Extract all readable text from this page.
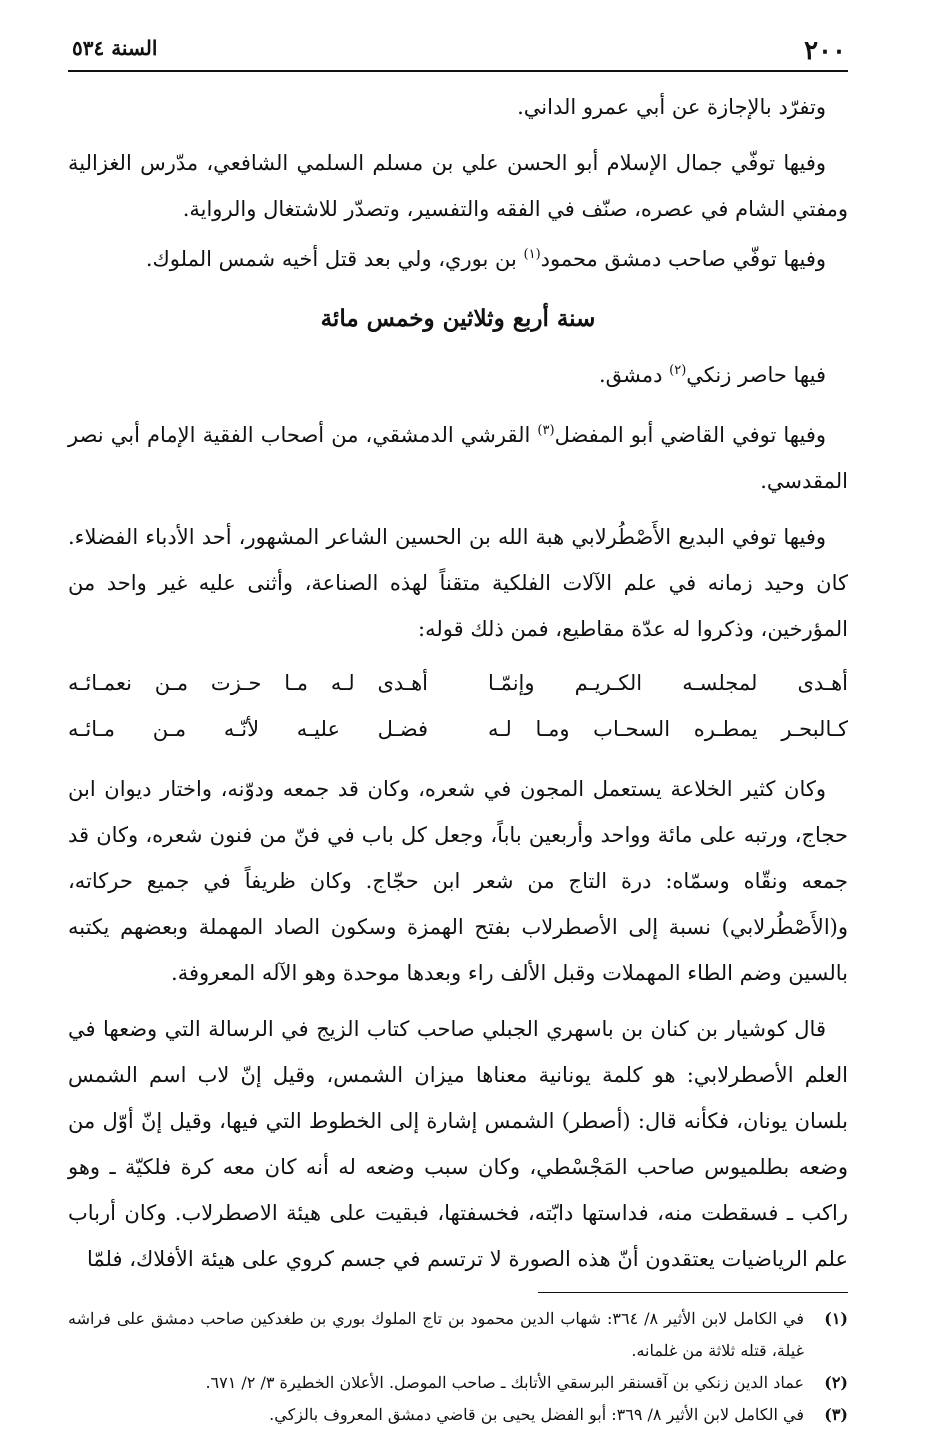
٢٠٠
السنة ٥٣٤

وتفرّد بالإجازة عن أبي عمرو الداني.

وفيها توفّي جمال الإسلام أبو الحسن علي بن مسلم السلمي الشافعي، مدّرس الغزالية ومفتي الشام في عصره، صنّف في الفقه والتفسير، وتصدّر للاشتغال والرواية.

وفيها توفّي صاحب دمشق محمود$^{(١)}$ بن بوري، ولي بعد قتل أخيه شمس الملوك.

سنة أربع وثلاثين وخمس مائة

فيها حاصر زنكي$^{(٢)}$ دمشق.

وفيها توفي القاضي أبو المفضل$^{(٣)}$ القرشي الدمشقي، من أصحاب الفقية الإمام أبي نصر المقدسي.

وفيها توفي البديع الأَصْطُرلابي هبة الله بن الحسين الشاعر المشهور، أحد الأدباء الفضلاء. كان وحيد زمانه في علم الآلات الفلكية متقناً لهذه الصناعة، وأثنى عليه غير واحد من المؤرخين، وذكروا له عدّة مقاطيع، فمن ذلك قوله:

أهـدى لمجلسـه الكـريـم وإنمّـا
أهـدى لـه مـا حـزت مـن نعمـائـه
كـالبحـر يمطـره السحـاب ومـا لـه
فضـل عليـه لأنّـه مـن مـائـه

وكان كثير الخلاعة يستعمل المجون في شعره، وكان قد جمعه ودوّنه، واختار ديوان ابن حجاج، ورتبه على مائة وواحد وأربعين باباً، وجعل كل باب في فنّ من فنون شعره، وكان قد جمعه ونقّاه وسمّاه: درة التاج من شعر ابن حجّاج. وكان ظريفاً في جميع حركاته، و(الأَصْطُرلابي) نسبة إلى الأصطرلاب بفتح الهمزة وسكون الصاد المهملة وبعضهم يكتبه بالسين وضم الطاء المهملات وقبل الألف راء وبعدها موحدة وهو الآله المعروفة.

قال كوشيار بن كنان بن باسهري الجبلي صاحب كتاب الزيج في الرسالة التي وضعها في العلم الأصطرلابي: هو كلمة يونانية معناها ميزان الشمس، وقيل إنّ لاب اسم الشمس بلسان يونان، فكأنه قال: (أصطر) الشمس إشارة إلى الخطوط التي فيها، وقيل إنّ أوّل من وضعه بطلميوس صاحب المَجْسْطي، وكان سبب وضعه له أنه كان معه كرة فلكيّة ـ وهو راكب ـ فسقطت منه، فداستها دابّته، فخسفتها، فبقيت على هيئة الاصطرلاب. وكان أرباب علم الرياضيات يعتقدون أنّ هذه الصورة لا ترتسم في جسم كروي على هيئة الأفلاك، فلمّا

(١)
في الكامل لابن الأثير ٨/ ٣٦٤: شهاب الدين محمود بن تاج الملوك بوري بن طغدكين صاحب دمشق على فراشه غيلة، قتله ثلاثة من غلمانه.
(٢)
عماد الدين زنكي بن آقسنقر البرسقي الأتابك ـ صاحب الموصل. الأعلان الخطيرة ٣/ ٢/ ٦٧١.
(٣)
في الكامل لابن الأثير ٨/ ٣٦٩: أبو الفضل يحيى بن قاضي دمشق المعروف بالزكي.
